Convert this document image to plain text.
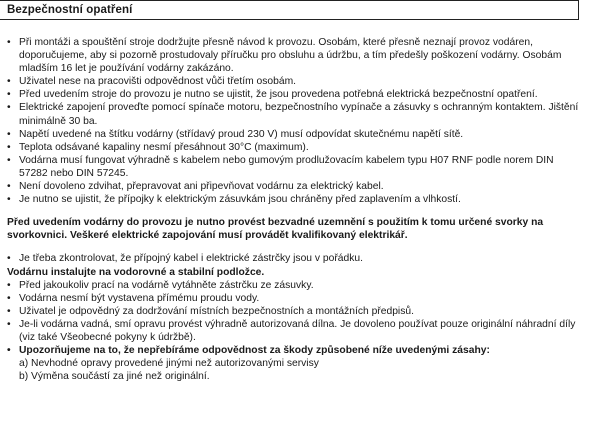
Bezpečnostní opatření
• Při montáži a spouštění stroje dodržujte přesně návod k provozu. Osobám, které přesně neznají provoz vodáren, doporučujeme, aby si pozorně prostudovaly příručku pro obsluhu a údržbu, a tím předešly poškození vodárny. Osobám mladším 16 let je používání vodárny zakázáno.
• Uživatel nese na pracovišti odpovědnost vůči třetím osobám.
• Před uvedením stroje do provozu je nutno se ujistit, že jsou provedena potřebná elektrická bezpečnostní opatření.
• Elektrické zapojení proveďte pomocí spínače motoru, bezpečnostního vypínače a zásuvky s ochranným kontaktem. Jištění minimálně 30 ba.
• Napětí uvedené na štítku vodárny (střídavý proud 230 V) musí odpovídat skutečnému napětí sítě.
• Teplota odsávané kapaliny nesmí přesáhnout 30°C (maximum).
• Vodárna musí fungovat výhradně s kabelem nebo gumovým prodlužovacím kabelem typu H07 RNF podle norem DIN 57282 nebo DIN 57245.
• Není dovoleno zdvihat, přepravovat ani připevňovat vodárnu za elektrický kabel.
• Je nutno se ujistit, že přípojky k elektrickým zásuvkám jsou chráněny před zaplavením a vlhkostí.

Před uvedením vodárny do provozu je nutno provést bezvadné uzemnění s použitím k tomu určené svorky na svorkovnici. Veškeré elektrické zapojování musí provádět kvalifikovaný elektrikář.

• Je třeba zkontrolovat, že přípojný kabel i elektrické zástrčky jsou v pořádku.
Vodárnu instalujte na vodorovné a stabilní podložce.
• Před jakoukoliv prací na vodárně vytáhněte zástrčku ze zásuvky.
• Vodárna nesmí být vystavena přímému proudu vody.
• Uživatel je odpovědný za dodržování místních bezpečnostních a montážních předpisů.
• Je-li vodárna vadná, smí opravu provést výhradně autorizovaná dílna. Je dovoleno používat pouze originální náhradní díly (viz také Všeobecné pokyny k údržbě).
• Upozorňujeme na to, že nepřebíráme odpovědnost za škody způsobené níže uvedenými zásahy:
a) Nevhodné opravy provedené jinými než autorizovanými servisy
b) Výměna součástí za jiné než originální.
